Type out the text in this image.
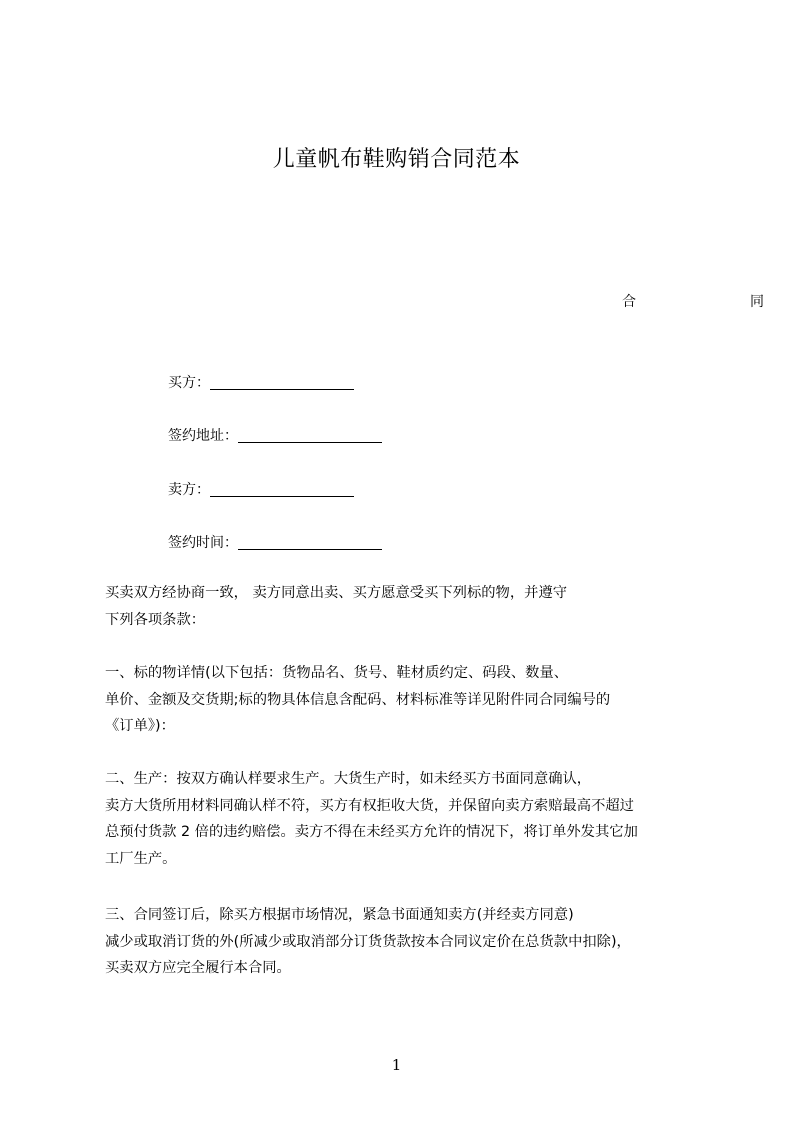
儿童帆布鞋购销合同范本
合	同
买方：
签约地址：
卖方：
签约时间：

买卖双方经协商一致， 卖方同意出卖、买方愿意受买下列标的物，并遵守

下列各项条款：

一、标的物详情(以下包括：货物品名、货号、鞋材质约定、码段、数量、

单价、金额及交货期;标的物具体信息含配码、材料标准等详见附件同合同编号的

《订单》)：

二、生产：按双方确认样要求生产。大货生产时，如未经买方书面同意确认，

卖方大货所用材料同确认样不符，买方有权拒收大货，并保留向卖方索赔最高不超过

总预付货款 2 倍的违约赔偿。卖方不得在未经买方允许的情况下，将订单外发其它加

工厂生产。

三、合同签订后，除买方根据市场情况，紧急书面通知卖方(并经卖方同意)

减少或取消订货的外(所减少或取消部分订货货款按本合同议定价在总货款中扣除)，

买卖双方应完全履行本合同。

1
